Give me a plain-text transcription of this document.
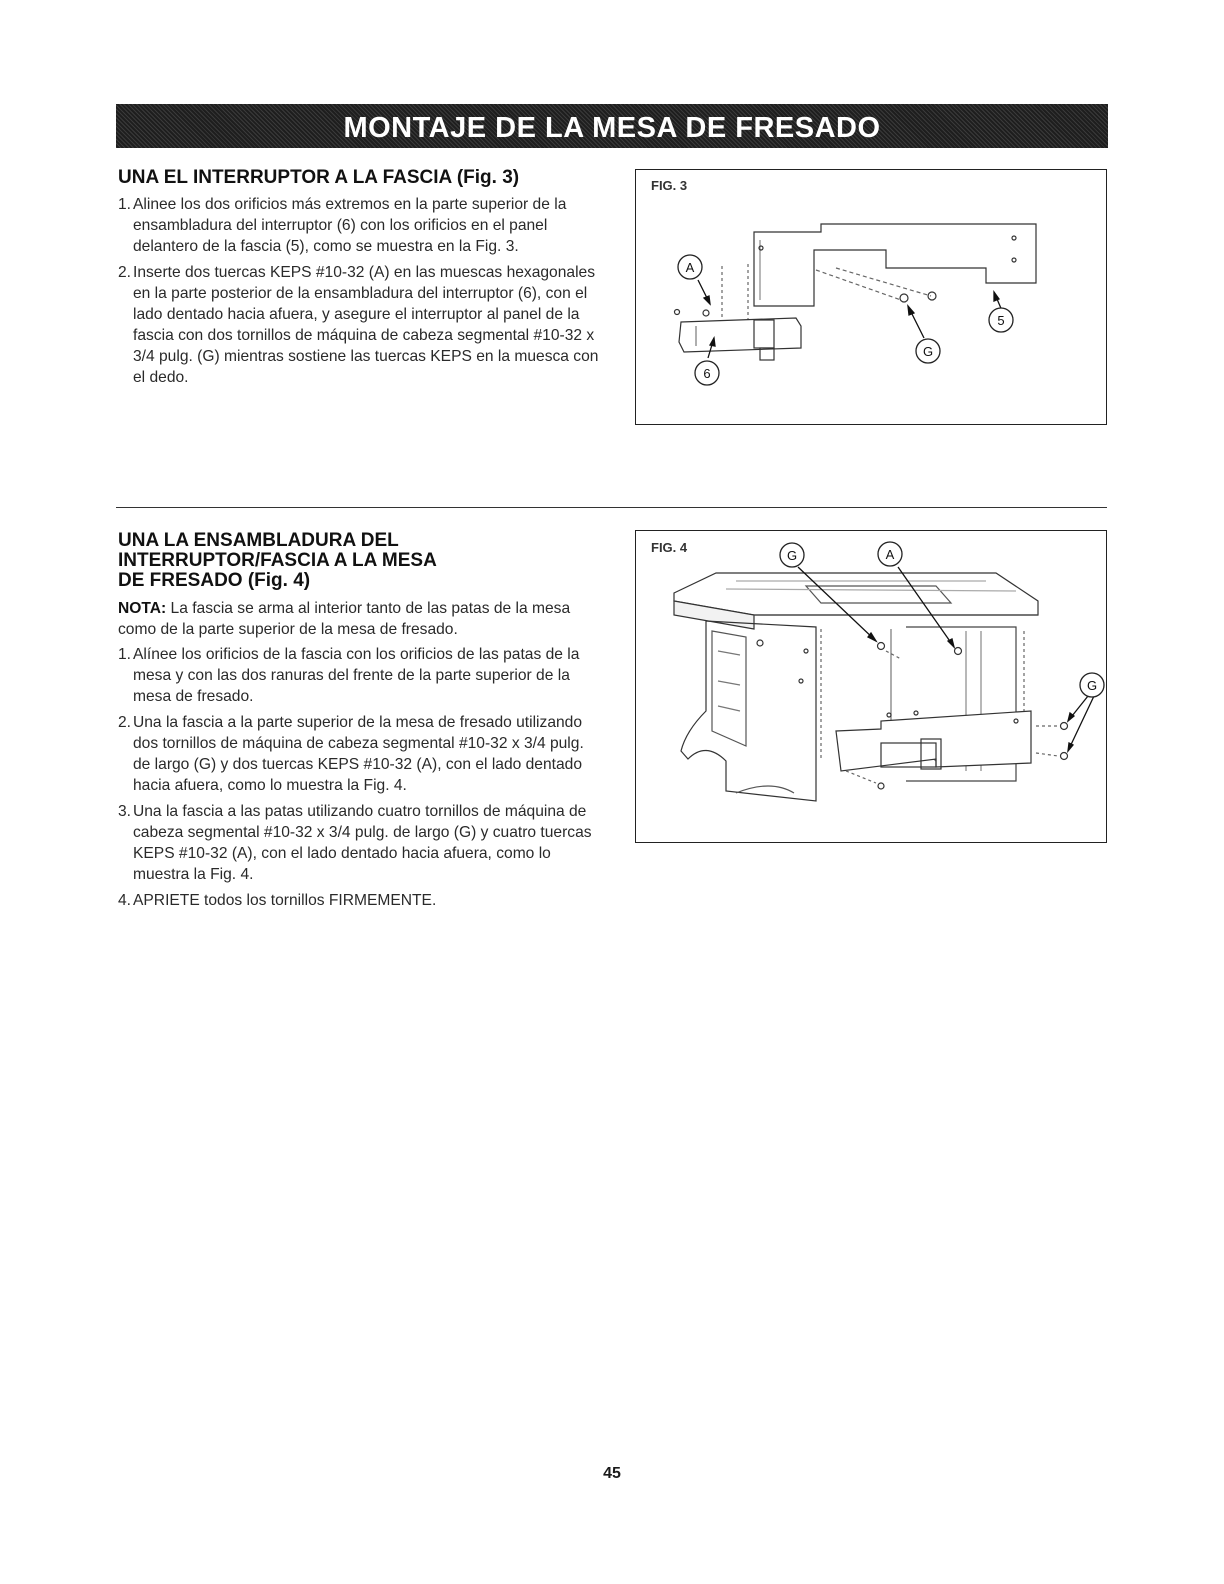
MONTAJE DE LA MESA DE FRESADO
UNA EL INTERRUPTOR A LA FASCIA (Fig. 3)
1. Alinee los dos orificios más extremos en la parte superior de la ensambladura del interruptor (6) con los orificios en el panel delantero de la fascia (5), como se muestra en la Fig. 3.
2. Inserte dos tuercas KEPS #10-32 (A) en las muescas hexagonales en la parte posterior de la ensambladura del interruptor (6), con el lado dentado hacia afuera, y asegure el interruptor al panel de la fascia con dos tornillos de máquina de cabeza segmental #10-32 x 3/4 pulg. (G) mientras sostiene las tuercas KEPS en la muesca con el dedo.
FIG. 3
A
G
5
6
UNA LA ENSAMBLADURA DEL
INTERRUPTOR/FASCIA A LA MESA
DE FRESADO (Fig. 4)

NOTA: La fascia se arma al interior tanto de las patas de la mesa como de la parte superior de la mesa de fresado.

1. Alínee los orificios de la fascia con los orificios de las patas de la mesa y con las dos ranuras del frente de la parte superior de la mesa de fresado.
2. Una la fascia a la parte superior de la mesa de fresado utilizando dos tornillos de máquina de cabeza segmental #10-32 x 3/4 pulg. de largo (G) y dos tuercas KEPS #10-32 (A), con el lado dentado hacia afuera, como lo muestra la Fig. 4.
3. Una la fascia a las patas utilizando cuatro tornillos de máquina de cabeza segmental #10-32 x 3/4 pulg. de largo (G) y cuatro tuercas KEPS #10-32 (A), con el lado dentado hacia afuera, como lo muestra la Fig. 4.
4. APRIETE todos los tornillos FIRMEMENTE.
FIG. 4
G	A
G
45
